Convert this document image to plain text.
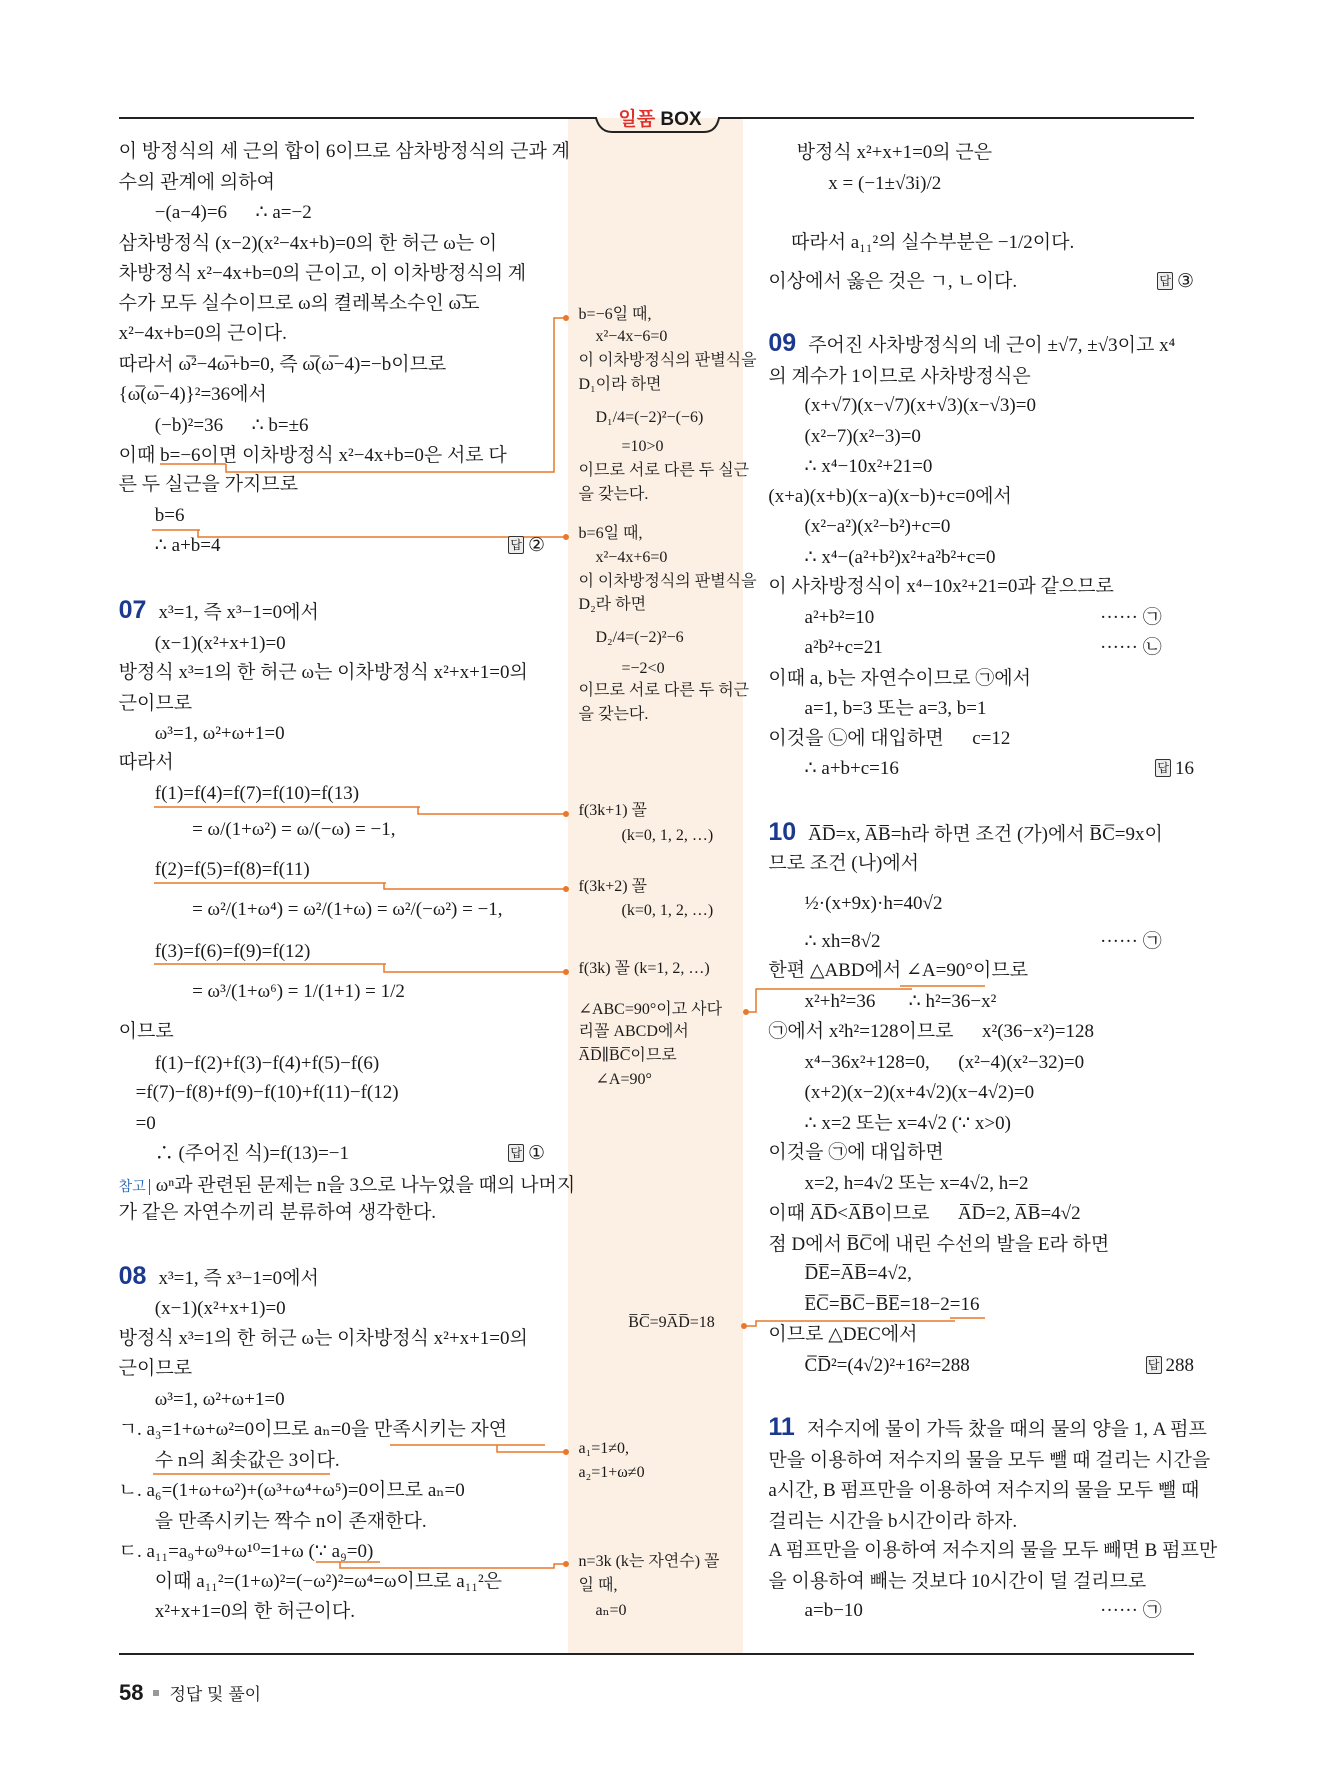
일품 BOX
이 방정식의 세 근의 합이 6이므로 삼차방정식의 근과 계
수의 관계에 의하여
−(a−4)=6      ∴ a=−2
삼차방정식 (x−2)(x²−4x+b)=0의 한 허근 ω는 이
차방정식 x²−4x+b=0의 근이고, 이 이차방정식의 계
수가 모두 실수이므로 ω의 켤레복소수인 ω̅도
x²−4x+b=0의 근이다.
따라서 ω̅²−4ω̅+b=0, 즉 ω̅(ω̅−4)=−b이므로
{ω̅(ω̅−4)}²=36에서
(−b)²=36      ∴ b=±6
이때 b=−6이면 이차방정식 x²−4x+b=0은 서로 다
른 두 실근을 가지므로
b=6
∴ a+b=4	답 ②
07 x³=1, 즉 x³−1=0에서
(x−1)(x²+x+1)=0
방정식 x³=1의 한 허근 ω는 이차방정식 x²+x+1=0의
근이므로
ω³=1, ω²+ω+1=0
따라서
f(1)=f(4)=f(7)=f(10)=f(13)
= ω/(1+ω²) = ω/(−ω) = −1,
f(2)=f(5)=f(8)=f(11)
= ω²/(1+ω⁴) = ω²/(1+ω) = ω²/(−ω²) = −1,
f(3)=f(6)=f(9)=f(12)
= ω³/(1+ω⁶) = 1/(1+1) = 1/2
이므로
f(1)−f(2)+f(3)−f(4)+f(5)−f(6)
=f(7)−f(8)+f(9)−f(10)+f(11)−f(12)
=0
∴ (주어진 식)=f(13)=−1	답 ①
참고 ωⁿ과 관련된 문제는 n을 3으로 나누었을 때의 나머지
가 같은 자연수끼리 분류하여 생각한다.
08 x³=1, 즉 x³−1=0에서
(x−1)(x²+x+1)=0
방정식 x³=1의 한 허근 ω는 이차방정식 x²+x+1=0의
근이므로
ω³=1, ω²+ω+1=0
ㄱ. a₃=1+ω+ω²=0이므로 aₙ=0을 만족시키는 자연
수 n의 최솟값은 3이다.
ㄴ. a₆=(1+ω+ω²)+(ω³+ω⁴+ω⁵)=0이므로 aₙ=0
을 만족시키는 짝수 n이 존재한다.
ㄷ. a₁₁=a₉+ω⁹+ω¹⁰=1+ω (∵ a₉=0)
이때 a₁₁²=(1+ω)²=(−ω²)²=ω⁴=ω이므로 a₁₁²은
x²+x+1=0의 한 허근이다.
b=−6일 때,
x²−4x−6=0
이 이차방정식의 판별식을
D₁이라 하면
D₁/4=(−2)²−(−6)
=10>0
이므로 서로 다른 두 실근
을 갖는다.
b=6일 때,
x²−4x+6=0
이 이차방정식의 판별식을
D₂라 하면
D₂/4=(−2)²−6
=−2<0
이므로 서로 다른 두 허근
을 갖는다.
f(3k+1) 꼴
(k=0, 1, 2, …)
f(3k+2) 꼴
(k=0, 1, 2, …)
f(3k) 꼴 (k=1, 2, …)
∠ABC=90°이고 사다
리꼴 ABCD에서
A̅D̅∥B̅C̅이므로
∠A=90°
B̅C̅=9A̅D̅=18
a₁=1≠0,
a₂=1+ω≠0
n=3k (k는 자연수) 꼴
일 때,
aₙ=0
방정식 x²+x+1=0의 근은
x = (−1±√3i)/2
따라서 a₁₁²의 실수부분은 −1/2이다.
이상에서 옳은 것은 ㄱ, ㄴ이다.	답 ③
09 주어진 사차방정식의 네 근이 ±√7, ±√3이고 x⁴
의 계수가 1이므로 사차방정식은
(x+√7)(x−√7)(x+√3)(x−√3)=0
(x²−7)(x²−3)=0
∴ x⁴−10x²+21=0
(x+a)(x+b)(x−a)(x−b)+c=0에서
(x²−a²)(x²−b²)+c=0
∴ x⁴−(a²+b²)x²+a²b²+c=0
이 사차방정식이 x⁴−10x²+21=0과 같으므로
a²+b²=10	······ ㉠
a²b²+c=21	······ ㉡
이때 a, b는 자연수이므로 ㉠에서
a=1, b=3 또는 a=3, b=1
이것을 ㉡에 대입하면      c=12
∴ a+b+c=16	답 16
10 A̅D̅=x, A̅B̅=h라 하면 조건 (가)에서 B̅C̅=9x이
므로 조건 (나)에서
½·(x+9x)·h=40√2
∴ xh=8√2	······ ㉠
한편 △ABD에서 ∠A=90°이므로
x²+h²=36       ∴ h²=36−x²
㉠에서 x²h²=128이므로      x²(36−x²)=128
x⁴−36x²+128=0,      (x²−4)(x²−32)=0
(x+2)(x−2)(x+4√2)(x−4√2)=0
∴ x=2 또는 x=4√2 (∵ x>0)
이것을 ㉠에 대입하면
x=2, h=4√2 또는 x=4√2, h=2
이때 A̅D̅<A̅B̅이므로      A̅D̅=2, A̅B̅=4√2
점 D에서 B̅C̅에 내린 수선의 발을 E라 하면
D̅E̅=A̅B̅=4√2,
E̅C̅=B̅C̅−B̅E̅=18−2=16
이므로 △DEC에서
C̅D̅²=(4√2)²+16²=288	답 288
11 저수지에 물이 가득 찼을 때의 물의 양을 1, A 펌프
만을 이용하여 저수지의 물을 모두 뺄 때 걸리는 시간을
a시간, B 펌프만을 이용하여 저수지의 물을 모두 뺄 때
걸리는 시간을 b시간이라 하자.
A 펌프만을 이용하여 저수지의 물을 모두 빼면 B 펌프만
을 이용하여 빼는 것보다 10시간이 덜 걸리므로
a=b−10	······ ㉠
58 정답 및 풀이
